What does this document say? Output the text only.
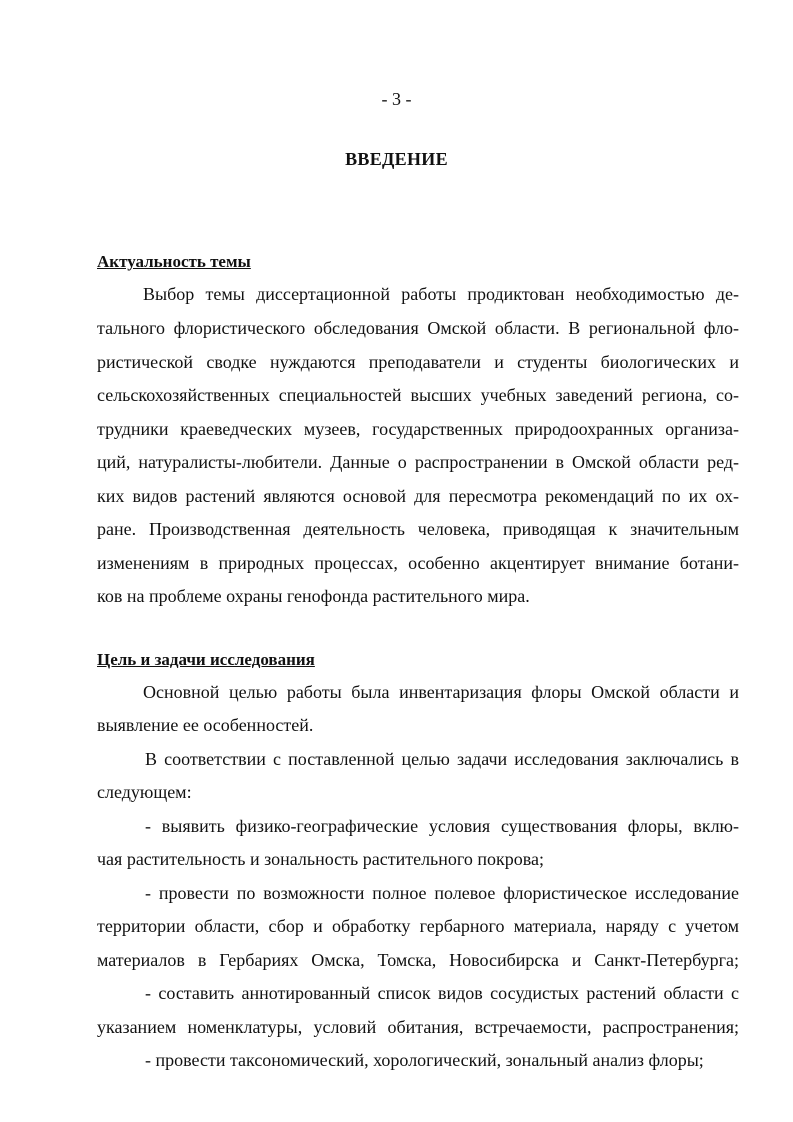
- 3 -
ВВЕДЕНИЕ
Актуальность темы
Выбор темы диссертационной работы продиктован необходимостью де-
тального флористического обследования Омской области. В региональной фло-
ристической сводке нуждаются преподаватели и студенты биологических и
сельскохозяйственных специальностей высших учебных заведений региона, со-
трудники краеведческих музеев, государственных природоохранных организа-
ций, натуралисты-любители. Данные о распространении в Омской области ред-
ких видов растений являются основой для пересмотра рекомендаций по их ох-
ране. Производственная деятельность человека, приводящая к значительным
изменениям в природных процессах, особенно акцентирует внимание ботани-
ков на проблеме охраны генофонда растительного мира.
Цель и задачи исследования
Основной целью работы была инвентаризация флоры Омской области и
выявление ее особенностей.
В соответствии с поставленной целью задачи исследования заключались в
следующем:
- выявить физико-географические условия существования флоры, вклю-
чая растительность и зональность растительного покрова;
- провести по возможности полное полевое флористическое исследование
территории области, сбор и обработку гербарного материала, наряду с учетом
материалов в Гербариях Омска, Томска, Новосибирска и Санкт-Петербурга;
- составить аннотированный список видов сосудистых растений области с
указанием номенклатуры, условий обитания, встречаемости, распространения;
- провести таксономический, хорологический, зональный анализ флоры;
